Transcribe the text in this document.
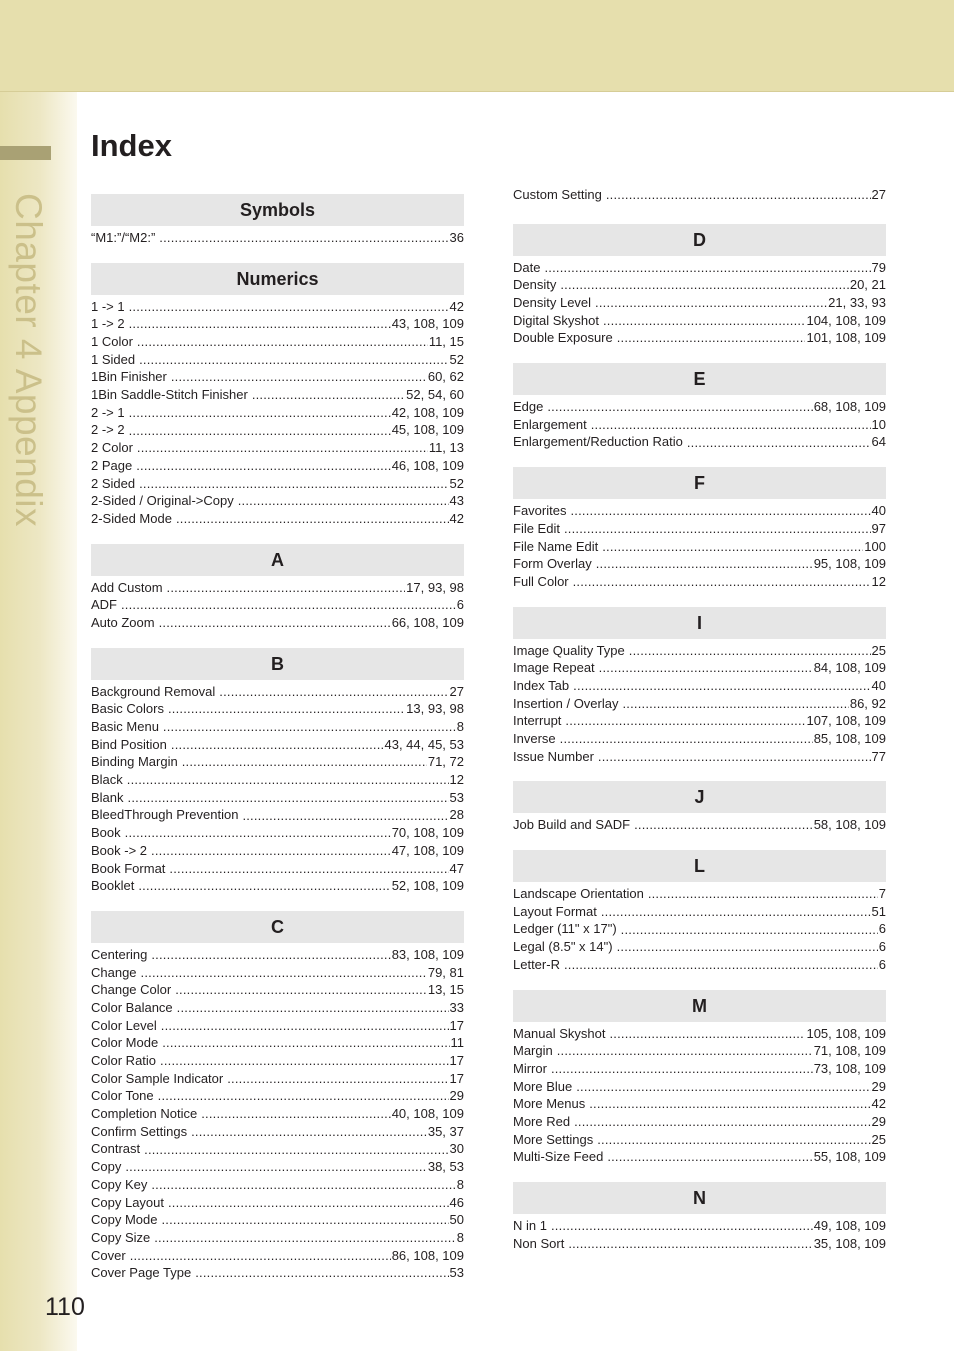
Chapter 4 Appendix
Index
Symbols
“M1:”/“M2:” .....	36
Numerics
1 -> 1 .....	42
1 -> 2 .....	43, 108, 109
1 Color .....	11, 15
1 Sided .....	52
1Bin Finisher .....	60, 62
1Bin Saddle-Stitch Finisher .....	52, 54, 60
2 -> 1 .....	42, 108, 109
2 -> 2 .....	45, 108, 109
2 Color .....	11, 13
2 Page .....	46, 108, 109
2 Sided .....	52
2-Sided / Original->Copy .....	43
2-Sided Mode .....	42
A
Add Custom .....	17, 93, 98
ADF .....	6
Auto Zoom .....	66, 108, 109
B
Background Removal .....	27
Basic Colors .....	13, 93, 98
Basic Menu .....	8
Bind Position .....	43, 44, 45, 53
Binding Margin .....	71, 72
Black .....	12
Blank .....	53
BleedThrough Prevention .....	28
Book .....	70, 108, 109
Book -> 2 .....	47, 108, 109
Book Format .....	47
Booklet .....	52, 108, 109
C
Centering .....	83, 108, 109
Change .....	79, 81
Change Color .....	13, 15
Color Balance .....	33
Color Level .....	17
Color Mode .....	11
Color Ratio .....	17
Color Sample Indicator .....	17
Color Tone .....	29
Completion Notice .....	40, 108, 109
Confirm Settings .....	35, 37
Contrast .....	30
Copy .....	38, 53
Copy Key .....	8
Copy Layout .....	46
Copy Mode .....	50
Copy Size .....	8
Cover .....	86, 108, 109
Cover Page Type .....	53
Custom Setting .....	27
D
Date .....	79
Density .....	20, 21
Density Level .....	21, 33, 93
Digital Skyshot .....	104, 108, 109
Double Exposure .....	101, 108, 109
E
Edge .....	68, 108, 109
Enlargement .....	10
Enlargement/Reduction Ratio .....	64
F
Favorites .....	40
File Edit .....	97
File Name Edit .....	100
Form Overlay .....	95, 108, 109
Full Color .....	12
I
Image Quality Type .....	25
Image Repeat .....	84, 108, 109
Index Tab .....	40
Insertion / Overlay .....	86, 92
Interrupt .....	107, 108, 109
Inverse .....	85, 108, 109
Issue Number .....	77
J
Job Build and SADF .....	58, 108, 109
L
Landscape Orientation .....	7
Layout Format .....	51
Ledger (11" x 17") .....	6
Legal (8.5" x 14") .....	6
Letter-R .....	6
M
Manual Skyshot .....	105, 108, 109
Margin .....	71, 108, 109
Mirror .....	73, 108, 109
More Blue .....	29
More Menus .....	42
More Red .....	29
More Settings .....	25
Multi-Size Feed .....	55, 108, 109
N
N in 1 .....	49, 108, 109
Non Sort .....	35, 108, 109
110
